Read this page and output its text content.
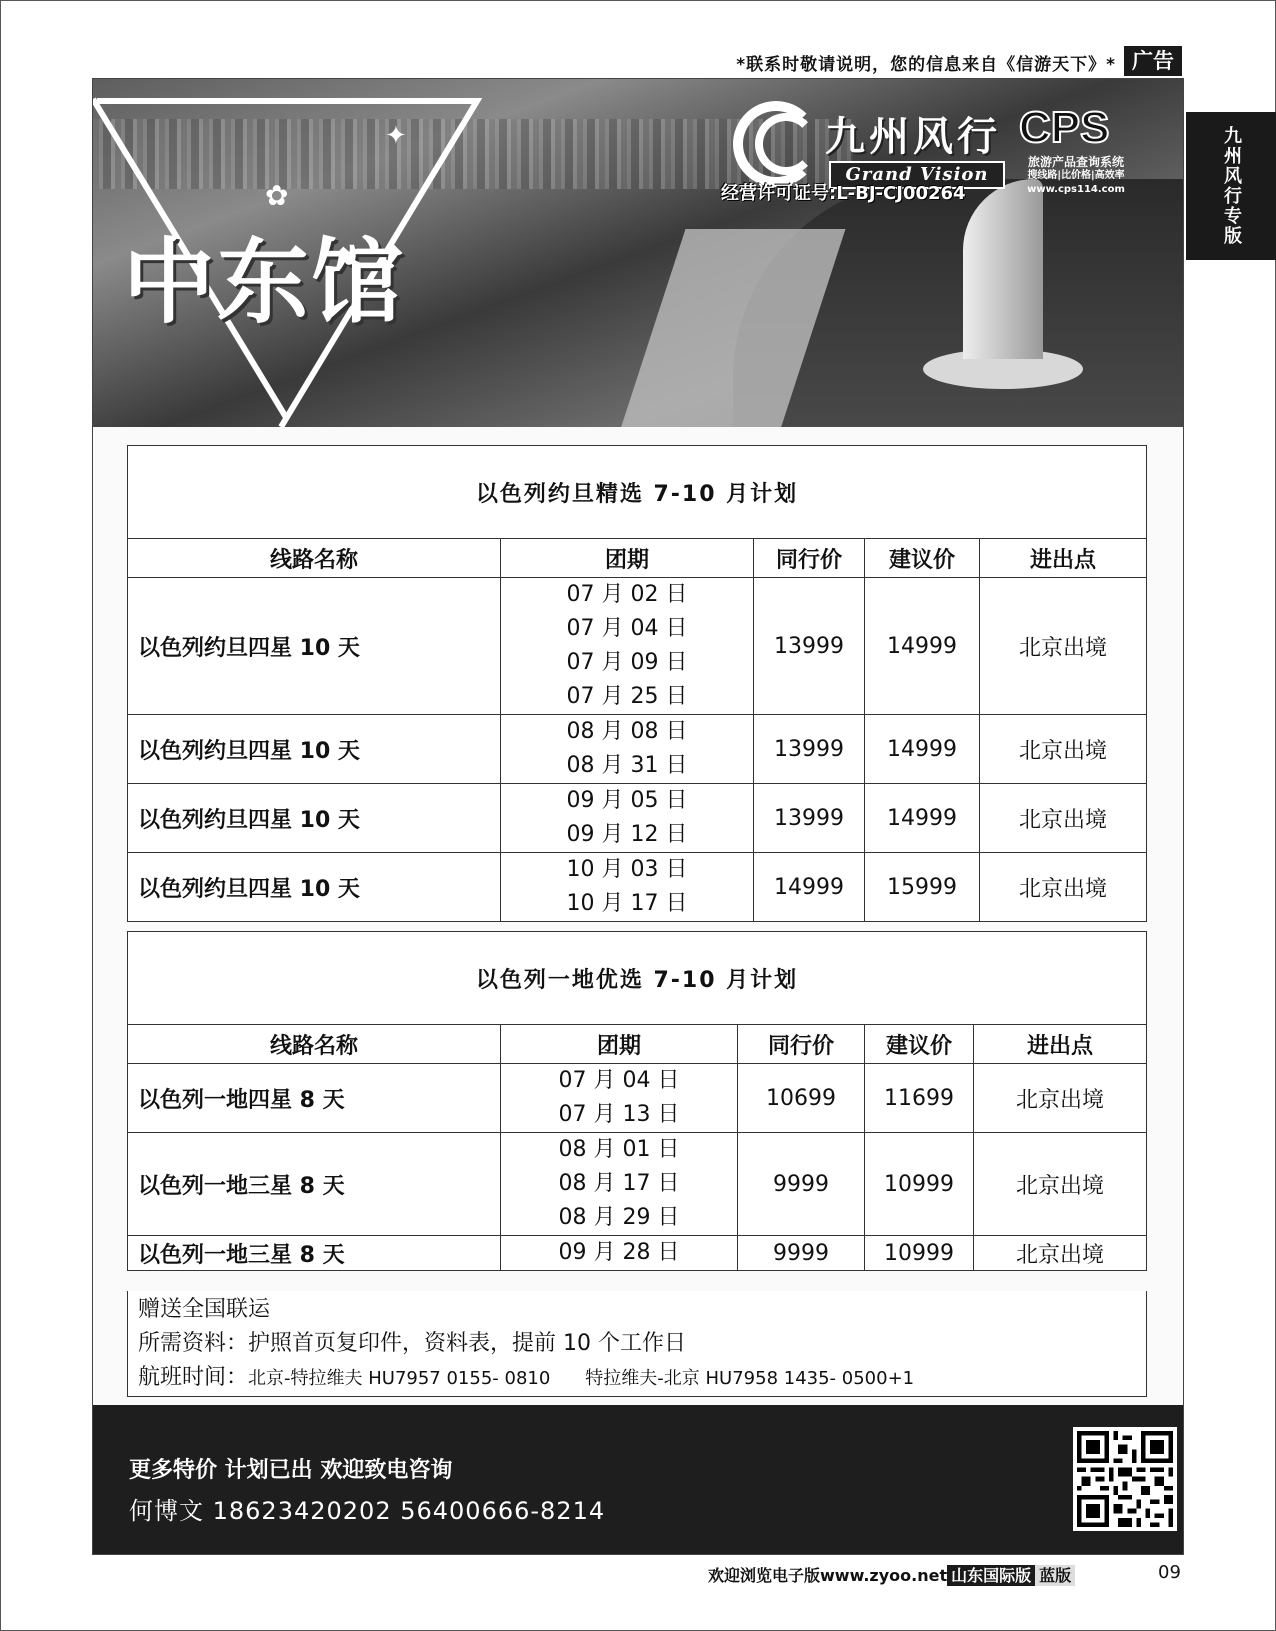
*联系时敬请说明，您的信息来自《信游天下》* 广告
九州风行专版
✦
✿
中东馆
九州风行
Grand Vision
CPS
旅游产品查询系统
搜线路|比价格|高效率
www.cps114.com
经营许可证号:L-BJ-CJ00264
以色列约旦精选 7-10 月计划				
线路名称	团期	同行价	建议价	进出点
以色列约旦四星 10 天	07 月 02 日
07 月 04 日
07 月 09 日
07 月 25 日	13999	14999	北京出境
以色列约旦四星 10 天	08 月 08 日
08 月 31 日	13999	14999	北京出境
以色列约旦四星 10 天	09 月 05 日
09 月 12 日	13999	14999	北京出境
以色列约旦四星 10 天	10 月 03 日
10 月 17 日	14999	15999	北京出境
以色列一地优选 7-10 月计划				
线路名称	团期	同行价	建议价	进出点
以色列一地四星 8 天	07 月 04 日
07 月 13 日	10699	11699	北京出境
以色列一地三星 8 天	08 月 01 日
08 月 17 日
08 月 29 日	9999	10999	北京出境
以色列一地三星 8 天	09 月 28 日	9999	10999	北京出境
赠送全国联运
所需资料：护照首页复印件，资料表，提前 10 个工作日
航班时间：北京-特拉维夫 HU7957 0155- 0810 特拉维夫-北京 HU7958 1435- 0500+1
更多特价 计划已出 欢迎致电咨询
何博文 18623420202 56400666-8214
欢迎浏览电子版www.zyoo.net 山东国际版 蓝版	09
